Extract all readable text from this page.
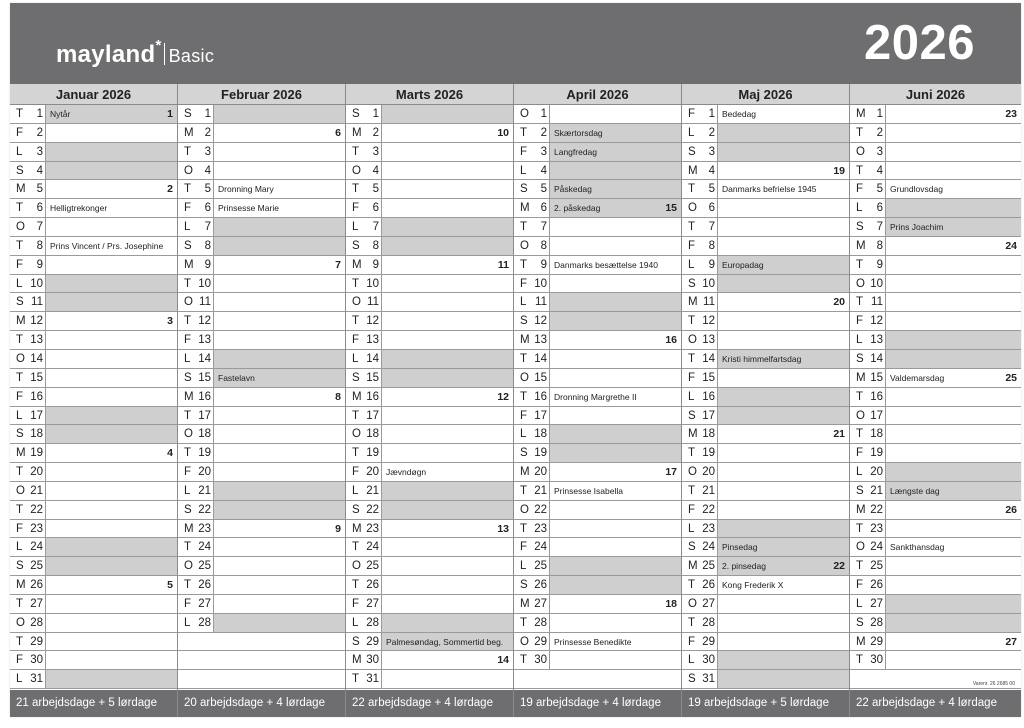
mayland*Basic	2026
Januar 2026
T	1 Nytår	1
F	2
L	3
S	4
M 5	2
T	6 Helligtrekonger
O	7
T	8 Prins Vincent / Prs. Josephine
F	9
L 10
S 11
M 12	3
T 13
O 14
T 15
F 16
L 17
S 18
M 19	4
T 20
O 21
T 22
F 23
L 24
S 25
M 26	5
T 27
O 28
T 29
F 30
L 31
21 arbejdsdage + 5 lørdage
Februar 2026
S	1
M 2	6
T	3
O	4
T	5 Dronning Mary
F	6 Prinsesse Marie
L	7
S	8
M 9	7
T 10
O 11
T 12
F 13
L 14
S 15 Fastelavn
M 16	8
T 17
O 18
T 19
F 20
L 21
S 22
M 23	9
T 24
O 25
T 26
F 27
L 28
20 arbejdsdage + 4 lørdage
Marts 2026
S	1
M 2	10
T	3
O	4
T	5
F	6
L	7
S	8
M 9	11
T 10
O 11
T 12
F 13
L 14
S 15
M 16	12
T 17
O 18
T 19
F 20 Jævndøgn
L 21
S 22
M 23	13
T 24
O 25
T 26
F 27
L 28
S 29 Palmesøndag, Sommertid beg.
M 30	14
T 31
22 arbejdsdage + 4 lørdage
April 2026
O	1
T	2 Skærtorsdag
F	3 Langfredag
L	4
S	5 Påskedag
M 6 2. påskedag	15
T	7
O	8
T	9 Danmarks besættelse 1940
F 10
L 11
S 12
M 13	16
T 14
O 15
T 16 Dronning Margrethe II
F 17
L 18
S 19
M 20	17
T 21 Prinsesse Isabella
O 22
T 23
F 24
L 25
S 26
M 27	18
T 28
O 29 Prinsesse Benedikte
T 30
19 arbejdsdage + 4 lørdage
Maj 2026
F	1 Bededag
L	2
S	3
M 4	19
T	5 Danmarks befrielse 1945
O	6
T	7
F	8
L	9 Europadag
S 10
M 11	20
T 12
O 13
T 14 Kristi himmelfartsdag
F 15
L 16
S 17
M 18	21
T 19
O 20
T 21
F 22
L 23
S 24 Pinsedag
M 25 2. pinsedag	22
T 26 Kong Frederik X
O 27
T 28
F 29
L 30
S 31
19 arbejdsdage + 5 lørdage
Juni 2026
M 1	23
T	2
O	3
T	4
F	5 Grundlovsdag
L	6
S	7 Prins Joachim
M 8	24
T	9
O 10
T 11
F 12
L 13
S 14
M 15 Valdemarsdag	25
T 16
O 17
T 18
F 19
L 20
S 21 Længste dag
M 22	26
T 23
O 24 Sankthansdag
T 25
F 26
L 27
S 28
M 29	27
T 30
22 arbejdsdage + 4 lørdage
Varenr. 26 2685 00
